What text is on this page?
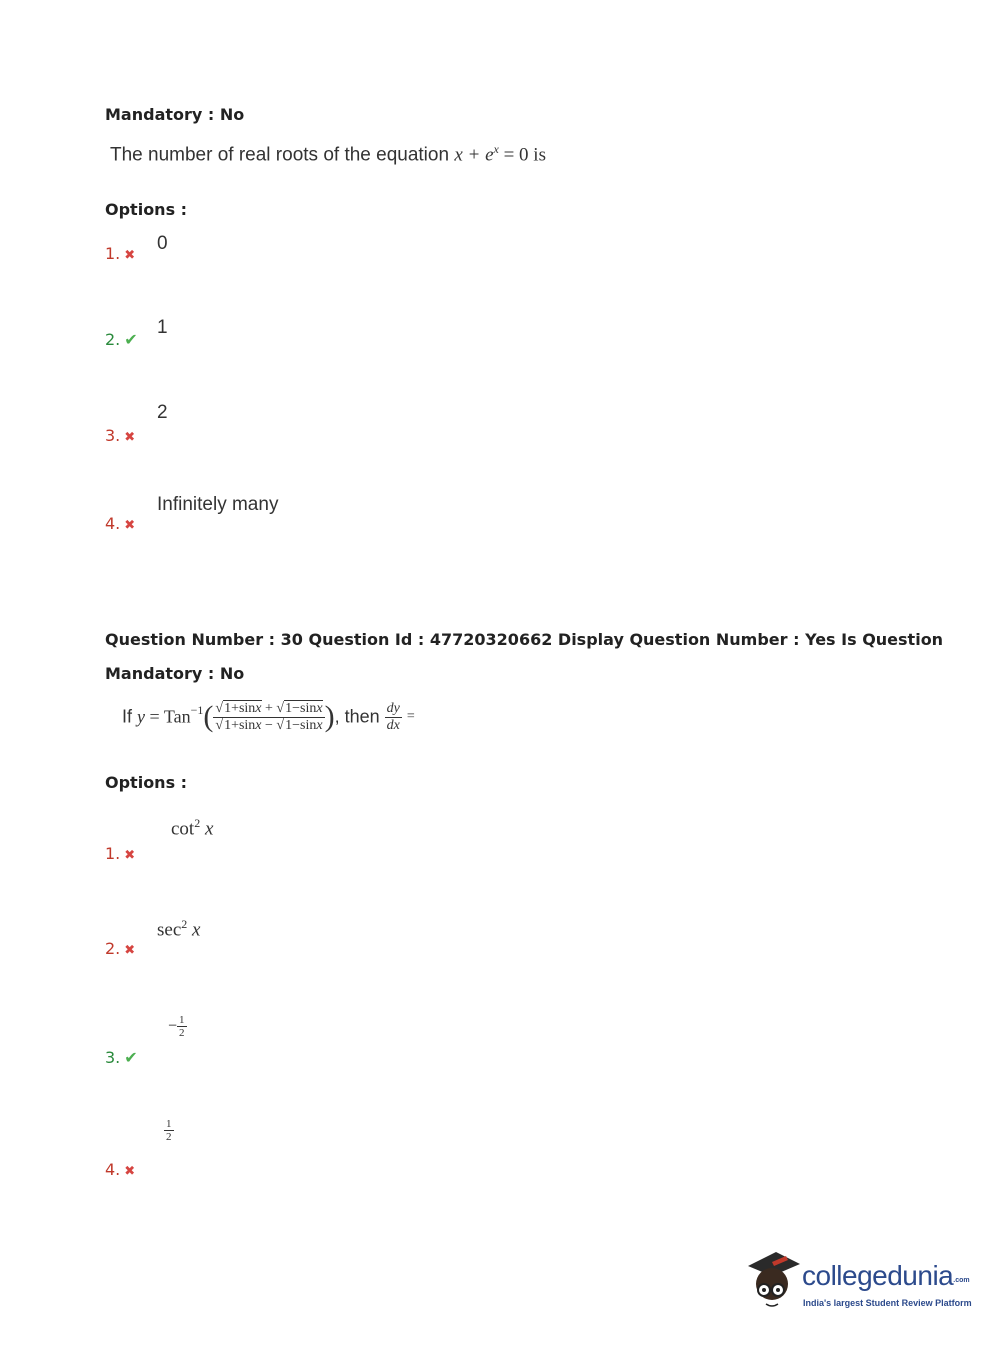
Mandatory : No
The number of real roots of the equation $x + e^x = 0$ is
Options :
1. ✖
0
2. ✔
1
3. ✖
2
4. ✖
Infinitely many
Question Number : 30 Question Id : 47720320662 Display Question Number : Yes Is Question
Mandatory : No
If $y = Tan^{-1}( \frac{√1+\sin x + √1-\sin x}{√1+\sin x - √1-\sin x}$ ), then $\frac{dy}{dx}$ =
Options :
1. ✖
$\cot^2 x$
2. ✖
$\sec^2 x$
3. ✔
− $\frac{1}{2}$
4. ✖
$\frac{1}{2}$
collegedunia.com
India's largest Student Review Platform
